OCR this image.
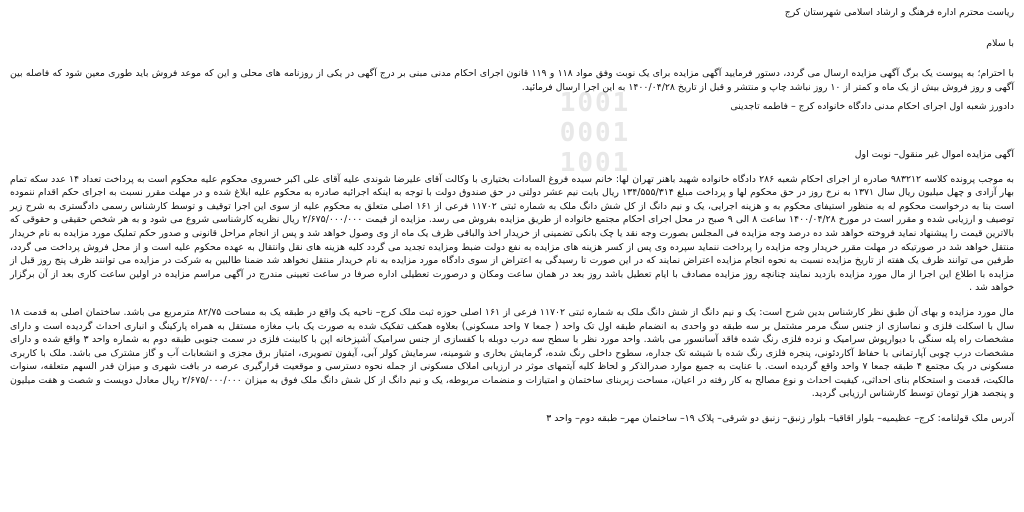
1001
0001
1001

ریاست محترم اداره فرهنگ و ارشاد اسلامی شهرستان کرج

با سلام

با احترام؛ به پیوست یک برگ آگهی مزایده ارسال می گردد، دستور فرمایید آگهی مزایده برای یک نوبت وفق مواد ۱۱۸ و ۱۱۹ قانون اجرای احکام مدنی مبنی بر درج آگهی در یکی از روزنامه های محلی و این که موعد فروش باید طوری معین شود که فاصله بین آگهی و روز فروش بیش از یک ماه و کمتر از ۱۰ روز نباشد چاپ و منتشر و قبل از تاریخ ۱۴۰۰/۰۴/۲۸ به این اجرا ارسال فرمائید.

دادورز شعبه اول اجرای احکام مدنی دادگاه خانواده کرج – فاطمه تاجدینی

آگهی مزایده اموال غیر منقول– نوبت اول

به موجب پرونده کلاسه ۹۸۳۲۱۲ صادره از اجرای احکام شعبه ۲۸۶ دادگاه خانواده شهید باهنر تهران لها: خانم سیده فروغ السادات بختیاری با وکالت آقای علیرضا شوندی علیه آقای علی اکبر خسروی محکوم علیه محکوم است به پرداخت تعداد ۱۴ عدد سکه تمام بهار آزادی و چهل میلیون ریال سال ۱۳۷۱ به نرخ روز در حق محکوم لها و پرداخت مبلغ ۱۳۴/۵۵۵/۳۱۴ ریال بابت نیم عشر دولتی در حق صندوق دولت با توجه به اینکه اجرائیه صادره به محکوم علیه ابلاغ شده و در مهلت مقرر نسبت به اجرای حکم اقدام ننموده است بنا به درخواست محکوم له به منظور استیفای محکوم به و هزینه اجرایی، یک و نیم دانگ از کل شش دانگ ملک به شماره ثبتی ۱۱۷۰۲ فرعی از ۱۶۱ اصلی متعلق به محکوم علیه از سوی این اجرا توقیف و توسط کارشناس رسمی دادگستری به شرح زیر توصیف و ارزیابی شده و مقرر است در مورخ ۱۴۰۰/۰۴/۲۸ ساعت ۸ الی ۹ صبح در محل اجرای احکام مجتمع خانواده از طریق مزایده بفروش می رسد. مزایده از قیمت ۲/۶۷۵/۰۰۰/۰۰۰ ریال نظریه کارشناسی شروع می شود و به هر شخص حقیقی و حقوقی که بالاترین قیمت را پیشنهاد نماید فروخته خواهد شد ده درصد وجه مزایده فی المجلس بصورت وجه نقد یا چک بانکی تضمینی از خریدار اخذ والباقی ظرف یک ماه از وی وصول خواهد شد و پس از انجام مراحل قانونی و صدور حکم تملیک مورد مزایده به نام خریدار منتقل خواهد شد در صورتیکه در مهلت مقرر خریدار وجه مزایده را پرداخت ننماید سپرده وی پس از کسر هزینه های مزایده به نفع دولت ضبط ومزایده تجدید می گردد کلیه هزینه های نقل وانتقال به عهده محکوم علیه است و از محل فروش پرداخت می گردد، طرفین می توانند ظرف یک هفته از تاریخ مزایده نسبت به نحوه انجام مزایده اعتراض نمایند که در این صورت تا رسیدگی به اعتراض از سوی دادگاه مورد مزایده به نام خریدار منتقل نخواهد شد ضمنا طالبین به شرکت در مزایده می توانند ظرف پنج روز قبل از مزایده با اطلاع این اجرا از مال مورد مزایده بازدید نمایند چنانچه روز مزایده مصادف با ایام تعطیل باشد روز بعد در همان ساعت ومکان و درصورت تعطیلی اداره صرفا در ساعت تعیینی مندرج در آگهی مراسم مزایده در اولین ساعت کاری بعد از آن برگزار خواهد شد .

مال مورد مزایده و بهای آن طبق نظر کارشناس بدین شرح است: یک و نیم دانگ از شش دانگ ملک به شماره ثبتی ۱۱۷۰۲ فرعی از ۱۶۱ اصلی حوزه ثبت ملک کرج– ناحیه یک واقع در طبقه یک به مساحت ۸۲/۷۵ مترمربع می باشد. ساختمان اصلی به قدمت ۱۸ سال با اسکلت فلزی و نماسازی از جنس سنگ مرمر مشتمل بر سه طبقه دو واحدی به انضمام طبقه اول تک واحد ( جمعا ۷ واحد مسکونی) بعلاوه همکف تفکیک شده به صورت یک باب مغازه مستقل به همراه پارکینگ و انباری احداث گردیده است و دارای مشخصات راه پله سنگی با دیوارپوش سرامیک و نرده فلزی رنگ شده فاقد آسانسور می باشد. واحد مورد نظر با سطح سه درب دوبله با کفسازی از جنس سرامیک آشپزخانه اپن با کابینت فلزی در سمت جنوبی طبقه دوم به شماره واحد ۳ واقع شده و دارای مشخصات درب چوبی آپارتمانی با حفاظ آکاردئونی، پنجره فلزی رنگ شده با شیشه تک جداره، سطوح داخلی رنگ شده، گرمایش بخاری و شومینه، سرمایش کولر آبی، آیفون تصویری، امتیاز برق مجزی و انشعابات آب و گاز مشترک می باشد. ملک با کاربری مسکونی در یک مجتمع ۴ طبقه جمعا ۷ واحد واقع گردیده است. با عنایت به جمیع موارد صدرالذکر و لحاظ کلیه آیتمهای موثر در ارزیابی املاک مسکونی از جمله نحوه دسترسی و موقعیت قرارگیری عرصه در بافت شهری و میزان قدر السهم متعلقه، سنوات مالکیت، قدمت و استحکام بنای احداثی، کیفیت احداث و نوع مصالح به کار رفته در اعیان، مساحت زیربنای ساختمان و امتیازات و منضمات مربوطه، یک و نیم دانگ از کل شش دانگ ملک فوق به میزان ۲/۶۷۵/۰۰۰/۰۰۰ ریال معادل دویست و شصت و هفت میلیون و پنجصد هزار تومان توسط کارشناس ارزیابی گردید.

آدرس ملک قولنامه: کرج– عظیمیه– بلوار اقاقیا– بلوار زنبق– زنبق دو شرقی– پلاک ۱۹– ساختمان مهر– طبقه دوم– واحد ۳
